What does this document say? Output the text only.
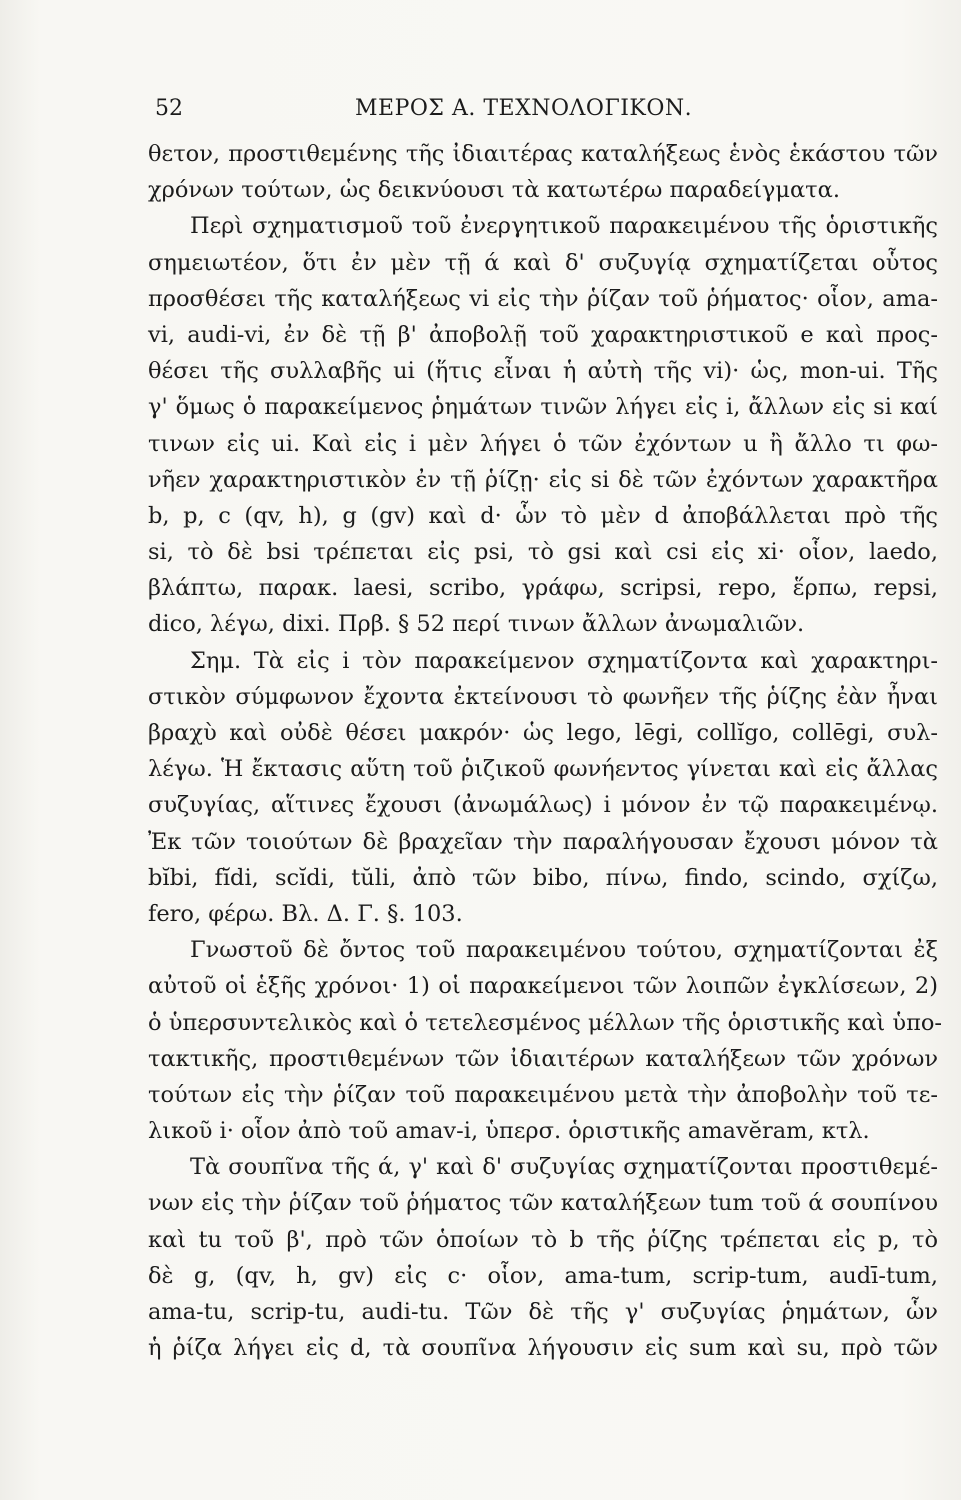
52	ΜΕΡΟΣ Α. ΤΕΧΝΟΛΟΓΙΚΟΝ.
θετον, προστιθεμένης τῆς ἰδιαιτέρας καταλήξεως ἑνὸς ἑκάστου τῶν
χρόνων τούτων, ὡς δεικνύουσι τὰ κατωτέρω παραδείγματα.
Περὶ σχηματισμοῦ τοῦ ἐνεργητικοῦ παρακειμένου τῆς ὁριστικῆς
σημειωτέον, ὅτι ἐν μὲν τῇ ά καὶ δ' συζυγίᾳ σχηματίζεται οὗτος
προσθέσει τῆς καταλήξεως vi εἰς τὴν ῥίζαν τοῦ ῥήματος· οἷον, ama-
vi, audi-vi, ἐν δὲ τῇ β' ἀποβολῇ τοῦ χαρακτηριστικοῦ e καὶ προς-
θέσει τῆς συλλαβῆς ui (ἥτις εἶναι ἡ αὐτὴ τῆς vi)· ὡς, mon-ui. Τῆς
γ' ὅμως ὁ παρακείμενος ῥημάτων τινῶν λήγει εἰς i, ἄλλων εἰς si καί
τινων εἰς ui. Καὶ εἰς i μὲν λήγει ὁ τῶν ἐχόντων u ἢ ἄλλο τι φω-
νῆεν χαρακτηριστικὸν ἐν τῇ ῥίζῃ· εἰς si δὲ τῶν ἐχόντων χαρακτῆρα
b, p, c (qv, h), g (gv) καὶ d· ὧν τὸ μὲν d ἀποβάλλεται πρὸ τῆς
si, τὸ δὲ bsi τρέπεται εἰς psi, τὸ gsi καὶ csi εἰς xi· οἷον, laedo,
βλάπτω, παρακ. laesi, scribo, γράφω, scripsi, repo, ἕρπω, repsi,
dico, λέγω, dixi. Πρβ. § 52 περί τινων ἄλλων ἀνωμαλιῶν.
Σημ. Τὰ εἰς i τὸν παρακείμενον σχηματίζοντα καὶ χαρακτηρι-
στικὸν σύμφωνον ἔχοντα ἐκτείνουσι τὸ φωνῆεν τῆς ῥίζης ἐὰν ἦναι
βραχὺ καὶ οὐδὲ θέσει μακρόν· ὡς lego, lēgi, collĭgo, collēgi, συλ-
λέγω. Ἡ ἔκτασις αὕτη τοῦ ῥιζικοῦ φωνήεντος γίνεται καὶ εἰς ἄλλας
συζυγίας, αἵτινες ἔχουσι (ἀνωμάλως) i μόνον ἐν τῷ παρακειμένῳ.
Ἐκ τῶν τοιούτων δὲ βραχεῖαν τὴν παραλήγουσαν ἔχουσι μόνον τὰ
bĭbi, fĭdi, scĭdi, tŭli, ἀπὸ τῶν bibo, πίνω, findo, scindo, σχίζω,
fero, φέρω. Βλ. Δ. Γ. §. 103.
Γνωστοῦ δὲ ὄντος τοῦ παρακειμένου τούτου, σχηματίζονται ἐξ
αὐτοῦ οἱ ἑξῆς χρόνοι· 1) οἱ παρακείμενοι τῶν λοιπῶν ἐγκλίσεων, 2)
ὁ ὑπερσυντελικὸς καὶ ὁ τετελεσμένος μέλλων τῆς ὁριστικῆς καὶ ὑπο-
τακτικῆς, προστιθεμένων τῶν ἰδιαιτέρων καταλήξεων τῶν χρόνων
τούτων εἰς τὴν ῥίζαν τοῦ παρακειμένου μετὰ τὴν ἀποβολὴν τοῦ τε-
λικοῦ i· οἷον ἀπὸ τοῦ amav-i, ὑπερσ. ὁριστικῆς amavĕram, κτλ.
Τὰ σουπῖνα τῆς ά, γ' καὶ δ' συζυγίας σχηματίζονται προστιθεμέ-
νων εἰς τὴν ῥίζαν τοῦ ῥήματος τῶν καταλήξεων tum τοῦ ά σουπίνου
καὶ tu τοῦ β', πρὸ τῶν ὁποίων τὸ b τῆς ῥίζης τρέπεται εἰς p, τὸ
δὲ g, (qv, h, gv) εἰς c· οἷον, ama-tum, scrip-tum, audī-tum,
ama-tu, scrip-tu, audi-tu. Τῶν δὲ τῆς γ' συζυγίας ῥημάτων, ὧν
ἡ ῥίζα λήγει εἰς d, τὰ σουπῖνα λήγουσιν εἰς sum καὶ su, πρὸ τῶν
